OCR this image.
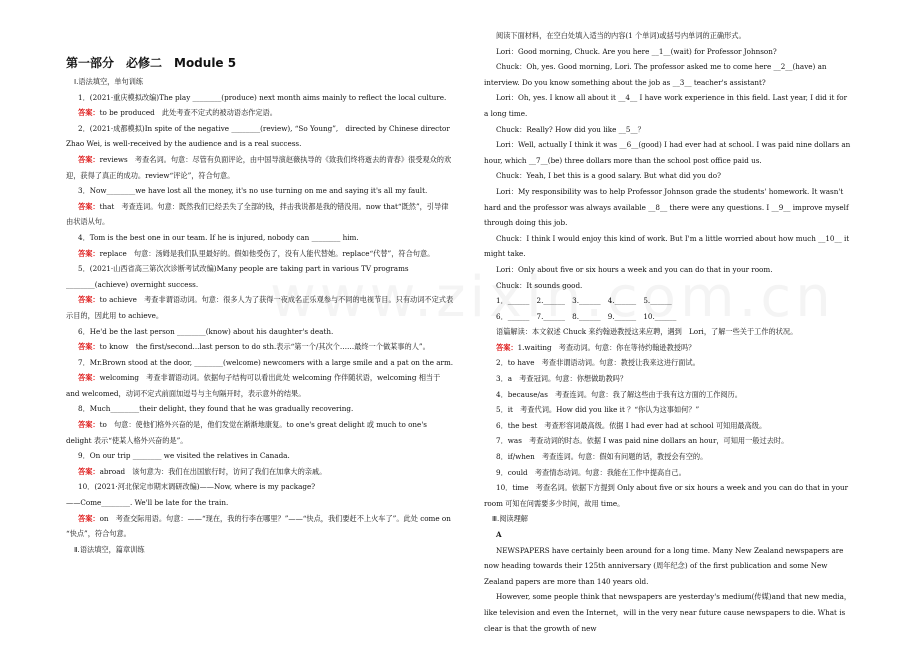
第一部分　必修二　Module 5

Ⅰ.语法填空，单句训练

1．(2021·重庆模拟改编)The play ________(produce) next month aims mainly to reflect the local culture.

答案：to be produced　此处考查不定式的被动语态作定语。

2．(2021·成都模拟)In spite of the negative ________(review), “So Young”,　directed by Chinese director Zhao Wei, is well-received by the audience and is a real success.

答案：reviews　考查名词。句意：尽管有负面评论，由中国导演赵薇执导的《致我们终将逝去的青春》很受观众的欢迎，获得了真正的成功。review“评论”，符合句意。

3．Now________we have lost all the money, it's no use turning on me and saying it's all my fault.

答案：that　考查连词。句意：既然我们已经丢失了全部的钱，拌击我说都是我的错没用。now that“既然”，引导律由状语从句。

4．Tom is the best one in our team. If he is injured, nobody can ________ him.

答案：replace　句意：汤姆是我们队里最好的。假如他受伤了，没有人能代替她。replace“代替”，符合句意。

5．(2021·山西省高三第次次诊断考试改编)Many people are taking part in various TV programs ________(achieve) overnight success.

答案：to achieve　考查非谓语动词。句意：很多人为了获得一夜成名正乐观参与不同的电视节目。只有动词不定式表示目的，因此用 to achieve。

6．He'd be the last person ________(know) about his daughter's death.

答案：to know　the first/second...last person to do sth.表示“第一个/其次个……最终一个做某事的人”。

7．Mr.Brown stood at the door, ________(welcome) newcomers with a large smile and a pat on the arm.

答案：welcoming　考查非谓语动词。依据句子结构可以看出此处 welcoming 作伴随状语，welcoming 相当于 and welcomed，动词不定式前面加逗号与主句隔开时，表示意外的结果。

8．Much________their delight, they found that he was gradually recovering.

答案：to　句意：使他们格外兴奋的是，他们发觉在渐渐地康复。to one's great delight 或 much to one's delight 表示“使某人格外兴奋的是”。

9．On our trip ________ we visited the relatives in Canada.

答案：abroad　该句意为：我们在出国旅行时，访问了我们在加拿大的亲戚。

10．(2021·河北保定市期末调研改编)——Now, where is my package?

——Come________. We'll be late for the train.

答案：on　考查交际用语。句意：——“现在，我的行李在哪里？”——“快点，我们要赶不上火车了”。此处 come on “快点”，符合句意。

Ⅱ.语法填空，篇章训练

阅读下面材料，在空白处填入适当的内容(1 个单词)或括号内单词的正确形式。

Lori：Good morning, Chuck. Are you here __1__(wait) for Professor Johnson?

Chuck：Oh, yes. Good morning, Lori. The professor asked me to come here __2__(have) an interview. Do you know something about the job as __3__ teacher's assistant?

Lori：Oh, yes. I know all about it __4__ I have work experience in this field. Last year, I did it for a long time.

Chuck：Really? How did you like __5__？

Lori：Well, actually I think it was __6__(good) I had ever had at school. I was paid nine dollars an hour, which __7__(be) three dollars more than the school post office paid us.

Chuck：Yeah, I bet this is a good salary. But what did you do?

Lori：My responsibility was to help Professor Johnson grade the students' homework. It wasn't hard and the professor was always available __8__ there were any questions. I __9__ improve myself through doing this job.

Chuck：I think I would enjoy this kind of work. But I'm a little worried about how much __10__ it might take.

Lori：Only about five or six hours a week and you can do that in your room.

Chuck：It sounds good.

1．______　2.______　3.______　4.______　5.______

6．______　7.______　8.______　9.______　10.______

语篇解读：本文叙述 Chuck 来约翰逊教授这来应聘，遇到　Lori，了解一些关于工作的状况。

答案：1.waiting　考查动词。句意：你在等待约翰逊教授吗？

2．to have　考查非谓语动词。句意：教授让我来这进行面试。

3．a　考查冠词。句意：你想做助教吗？

4．because/as　考查连词。句意：我了解这些由于我有这方面的工作阅历。

5．it　考查代词。How did you like it ？“你认为这事如何？”

6．the best　考查形容词最高级。依据 I had ever had at school 可知用最高级。

7．was　考查动词的时态。依据 I was paid nine dollars an hour，可知用一般过去时。

8．if/when　考查连词。句意：假如有问题的话，教授会有空的。

9．could　考查情态动词。句意：我能在工作中提高自己。

10．time　考查名词。依据下方提到 Only about five or six hours a week and you can do that in your room 可知在问需要多少时间，故用 time。

Ⅲ.阅读理解

A

NEWSPAPERS have certainly been around for a long time. Many New Zealand newspapers are now heading towards their 125th anniversary (周年纪念) of the first publication and some New Zealand papers are more than 140 years old.

However, some people think that newspapers are yesterday's medium(传媒)and that new media，like television and even the Internet，will in the very near future cause newspapers to die. What is clear is that the growth of new
